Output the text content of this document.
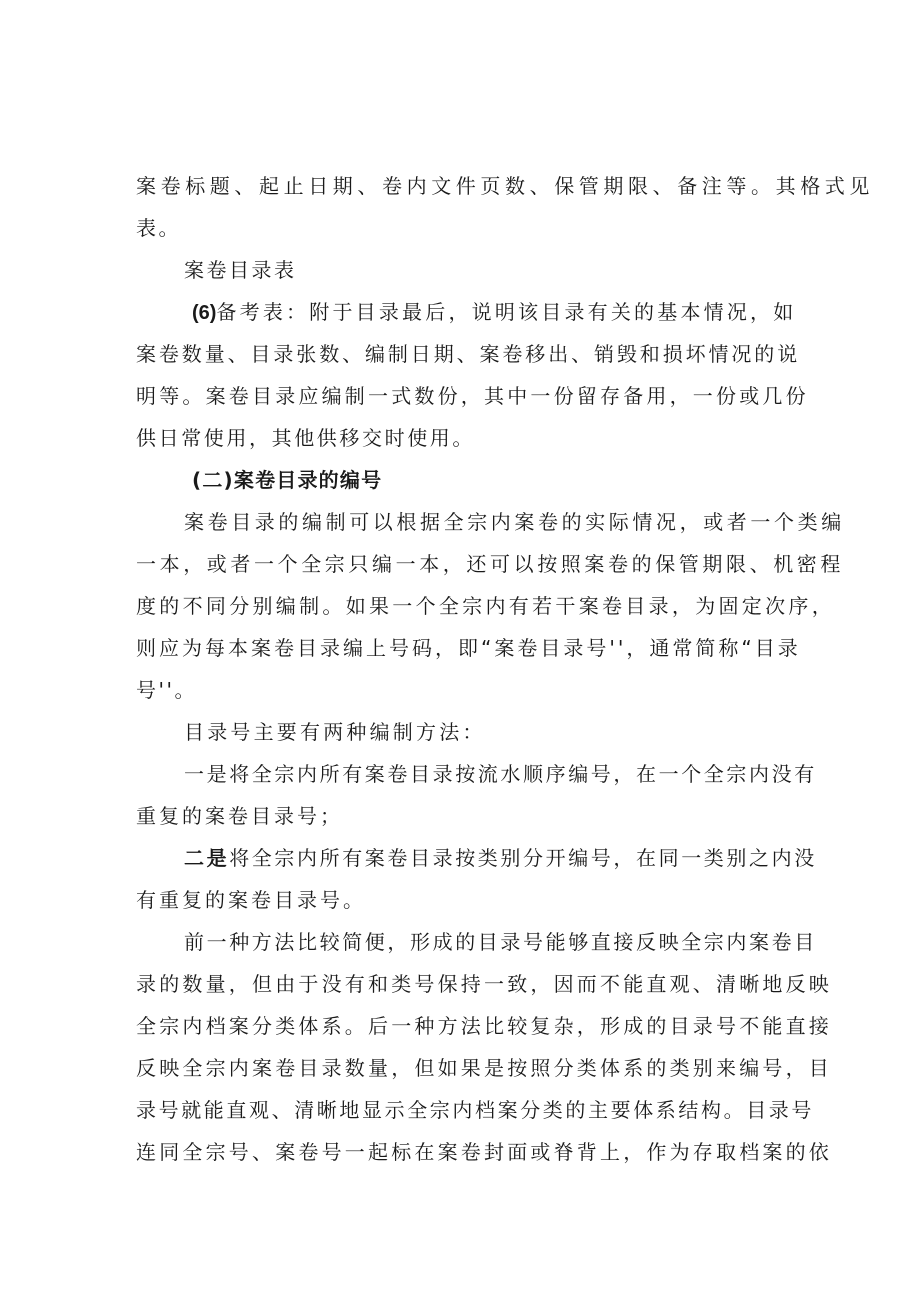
案卷标题、起止日期、卷内文件页数、保管期限、备注等。其格式见
表。
案卷目录表
(6)备考表：附于目录最后，说明该目录有关的基本情况，如
案卷数量、目录张数、编制日期、案卷移出、销毁和损坏情况的说
明等。案卷目录应编制一式数份，其中一份留存备用，一份或几份
供日常使用，其他供移交时使用。
(二)案卷目录的编号
案卷目录的编制可以根据全宗内案卷的实际情况，或者一个类编
一本，或者一个全宗只编一本，还可以按照案卷的保管期限、机密程
度的不同分别编制。如果一个全宗内有若干案卷目录，为固定次序，
则应为每本案卷目录编上号码，即“案卷目录号''，通常简称“目录
号''。
目录号主要有两种编制方法：
一是将全宗内所有案卷目录按流水顺序编号，在一个全宗内没有
重复的案卷目录号；
二是将全宗内所有案卷目录按类别分开编号，在同一类别之内没
有重复的案卷目录号。
前一种方法比较简便，形成的目录号能够直接反映全宗内案卷目
录的数量，但由于没有和类号保持一致，因而不能直观、清晰地反映
全宗内档案分类体系。后一种方法比较复杂，形成的目录号不能直接
反映全宗内案卷目录数量，但如果是按照分类体系的类别来编号，目
录号就能直观、清晰地显示全宗内档案分类的主要体系结构。目录号
连同全宗号、案卷号一起标在案卷封面或脊背上，作为存取档案的依
